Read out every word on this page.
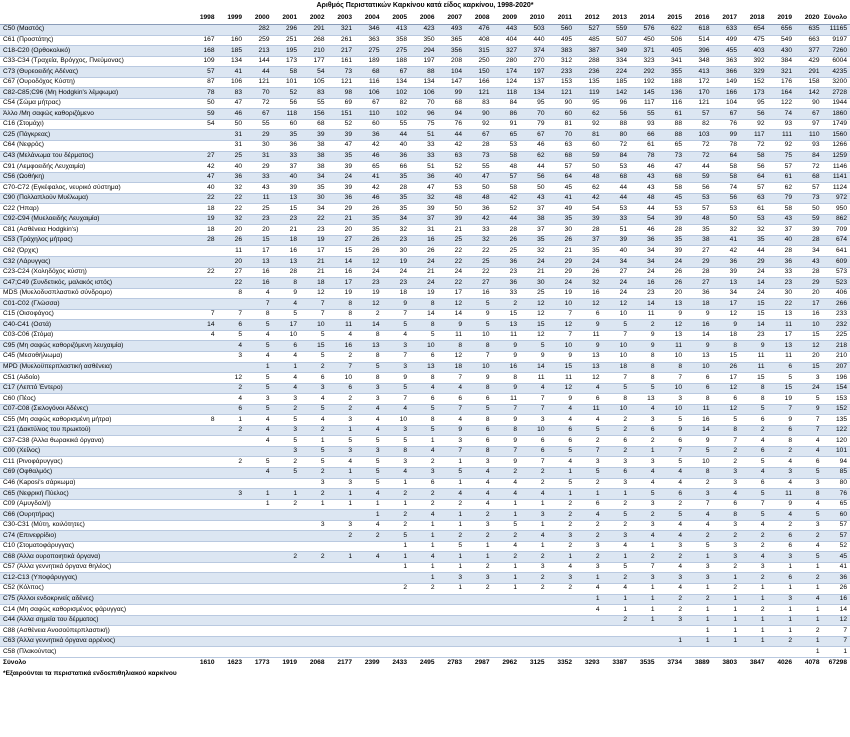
Αριθμός Περιστατικών Καρκίνου κατά είδος καρκίνου, 1998-2020*
	1998	1999	2000	2001	2002	2003	2004	2005	2006	2007	2008	2009	2010	2011	2012	2013	2014	2015	2016	2017	2018	2019	2020	Σύνολο
C50 (Μαστός)			282	296	291	321	346	413	423	493	476	443	503	560	527	559	576	622	618	633	654	656	635	11165
C61 (Προστάτης)	167	160	259	251	268	261	363	358	350	365	408	404	440	495	485	507	450	506	514	499	475	549	663	9197
C18-C20 (Ορθοκολικό)	168	185	213	195	210	217	275	275	294	356	315	327	374	383	387	349	371	405	396	455	403	430	377	7260
C33-C34 (Τραχεία, Βρόγχος, Πνεύμονας)	109	134	144	173	177	161	189	188	197	208	250	280	270	312	288	334	323	341	348	363	392	384	429	6004
C73 (Θυρεοειδής Αδένας)	57	41	44	58	54	73	68	67	88	104	150	174	197	233	236	224	292	355	413	366	329	321	291	4235
C67 (Ουροδόχος Κύστη)	87	106	121	101	105	121	116	134	134	147	166	124	137	153	135	185	192	188	172	149	152	176	158	3200
C82-C85;C96 (Μη Hodgkin's λέμφωμα)	78	83	70	52	83	98	106	102	106	99	121	118	134	121	119	142	145	136	170	166	173	164	142	2728
C54 (Σώμα μήτρας)	50	47	72	56	55	69	67	82	70	68	83	84	95	90	95	96	117	116	121	104	95	122	90	1944
Άλλο /Μη σαφώς καθοριζόμενο	59	46	67	118	156	151	110	102	96	94	90	86	70	60	62	56	55	61	57	67	56	74	67	1860
C16 (Στομάχι)	54	50	55	60	68	52	60	55	75	76	92	91	79	81	92	88	93	88	82	76	92	93	97	1749
C25 (Πάγκρεας)		31	29	35	39	39	36	44	51	44	67	65	67	70	81	80	66	88	103	99	117	111	110	1560
C64 (Νεφρός)		31	30	36	38	47	42	40	33	42	28	53	46	63	60	72	61	65	72	78	72	92	93	1266
C43 (Μελάνωμα του δέρματος)	27	25	31	33	38	35	46	36	33	63	73	58	62	68	59	84	78	73	72	64	58	75	84	1259
C91 (Λεμφοειδής Λευχαιμία)	42	40	29	37	38	39	65	66	51	52	55	48	44	57	50	53	46	47	44	58	56	57	72	1146
C56 (Ωοθήκη)	47	36	33	40	34	24	41	35	36	40	47	57	56	64	48	68	43	68	59	58	64	61	68	1141
C70-C72 (Εγκέφαλος, νευρικό σύστημα)	40	32	43	39	35	39	42	28	47	53	50	58	50	45	62	44	43	58	56	74	57	62	57	1124
C90 (Πολλαπλούν Μυέλωμα)	22	22	11	13	30	36	46	35	32	48	48	42	43	41	42	44	48	45	53	56	63	79	73	972
C22 (Ήπαρ)	18	22	25	15	34	29	26	35	39	50	36	52	37	49	54	53	44	53	57	53	61	58	50	950
C92-C94 (Μυελοειδής Λευχαιμία)	19	32	23	23	22	21	35	34	37	39	42	44	38	35	39	33	54	39	48	50	53	43	59	862
C81 (Ασθένεια Hodgkin's)	18	20	20	21	23	20	35	32	31	21	33	28	37	30	28	51	46	28	35	32	32	37	39	709
C53 (Τράχηλος μήτρας)	28	26	15	18	19	27	26	23	16	25	32	26	35	26	37	39	36	35	38	41	35	40	28	674
C62 (Όρχις)		11	17	16	17	15	26	30	26	22	22	25	32	21	35	40	34	39	27	42	44	28	34	641
C32 (Λάρυγγας)		20	13	13	21	14	12	19	24	22	25	36	24	29	24	34	34	24	29	36	29	36	43	609
C23-C24 (Χοληδόχος κύστη)	22	27	16	28	21	16	24	24	21	24	22	23	21	29	26	27	24	26	28	39	24	33	28	573
C47;C49 (Συνδετικός, μαλακός ιστός)		22	16	8	18	17	23	23	24	22	27	36	30	24	32	24	16	26	27	13	14	23	29	523
MDS (Μυελοδυσπλαστικό σύνδρομο)		8	4	9	12	19	19	18	19	17	16	33	25	19	16	24	23	20	36	34	24	30	20	406
C01-C02 (Γλώσσα)			7	4	7	8	12	9	8	12	5	2	12	10	12	12	14	13	18	17	15	22	17	266
C15 (Οισοφάγος)	7	7	8	5	7	8	2	7	14	14	9	15	12	7	6	10	11	9	9	12	15	13	16	233
C40-C41 (Οστά)	14	6	5	17	10	11	14	5	8	9	5	13	15	12	9	5	2	12	16	9	14	11	10	232
C03-C06 (Στόμα)	4	5	4	10	5	4	8	4	5	11	10	11	12	7	11	7	9	13	14	18	23	17	15	225
C95 (Μη σαφώς καθοριζόμενη λευχαιμία)		4	5	6	15	16	13	3	10	8	8	9	5	10	9	10	9	11	9	8	9	13	12	218
C45 (Μεσοθήλιωμα)		3	4	4	5	2	8	7	6	12	7	9	9	9	13	10	8	10	13	15	11	11	20	210
MPD (Μυελοϋπερπλαστική ασθένεια)			1	1	2	7	5	3	13	18	10	16	14	15	13	18	8	8	10	26	11	6	15	207
C51 (Αιδοίο)		12	5	4	6	10	8	9	8	7	9	8	11	11	12	7	8	7	6	17	15	5	3	196
C17 (Λεπτό Έντερο)		2	5	4	3	6	3	5	4	4	8	9	4	12	4	5	5	10	6	12	8	15	24	154
C60 (Πέος)		4	3	3	4	2	3	7	6	6	6	11	7	9	6	8	13	3	8	6	8	19	5	153
C07-C08 (Σιελογόνοι Αδένες)		6	5	2	5	2	4	4	5	7	5	7	7	4	11	10	4	10	11	12	5	7	9	152
C55 (Μη σαφώς καθορισμένη μήτρα)	8	1	4	5	4	3	4	10	8	4	8	9	3	4	4	2	3	5	16	5	6	9	7	135
C21 (Δακτύλιος του πρωκτού)		2	4	3	2	1	4	3	5	9	6	8	10	6	5	2	6	9	14	8	2	6	7	122
C37-C38 (Άλλα θωρακικά όργανα)			4	5	1	5	5	5	1	3	6	9	6	6	2	6	2	6	9	7	4	8	4	120
C00 (Χείλος)				3	5	3	3	8	4	7	8	7	6	5	7	2	1	7	5	2	6	2	4	101
C11 (Ρινοφάρυγγας)		2	5	2	5	4	5	3	2	1	3	9	7	4	3	3	3	5	10	2	5	4	6	94
C69 (Οφθαλμός)			4	5	2	1	5	4	3	5	4	2	2	1	5	6	4	4	8	3	4	3	5	85
C46 (Kaposi's σάρκωμα)					3	3	5	1	6	1	4	4	2	5	2	3	4	4	2	3	6	4	3	80
C65 (Νεφρική Πύελος)		3	1	1	2	1	4	2	2	4	4	4	4	1	1	1	5	6	3	4	5	11	8	76
C09 (Αμυγδαλή)			1	2	1	1	1	1	2	2	4	1	1	2	6	2	3	2	7	6	7	9	4	65
C66 (Ουρητήρας)							1	2	4	1	2	1	3	2	4	5	2	5	4	8	5	4	5	60
C30-C31 (Μύτη, κοιλότητες)					3	3	4	2	1	1	3	5	1	2	2	2	3	4	4	3	4	2	3	57
C74 (Επινεφρίδιο)						2	2	5	1	2	2	2	4	3	2	3	4	4	2	2	2	6	2	57
C10 (Στοματοφάρυγγας)								1	1	5	1	4	1	2	3	4	1	3	5	3	2	6	4	52
C68 (Άλλα ουροποιητικά όργανα)				2	2	1	4	1	4	1	1	2	2	1	2	1	2	2	1	3	4	3	5	45
C57 (Άλλα γεννητικά όργανα θηλέος)								1	1	1	2	1	3	4	3	5	7	4	3	2	3	1	1	41
C12-C13 (Υποφάρυγγας)									1	3	3	1	2	3	1	2	3	3	3	1	2	6	2	36
C52 (Κόλπος)								2	2	1	2	1	2	2	4	4	1	4	1	2	1	1	1	26
C75 (Άλλοι ενδοκρινείς αδένες)															1	1	1	2	2	1	1	3	4	16
C14 (Μη σαφώς καθορισμένος φάρυγγας)															4	1	1	2	1	1	2	1	1	14
C44 (Άλλα σημεία του δέρματος)																2	1	3	1	1	1	1	1	12
C88 (Ασθένεια Ανοσοϋπερπλαστική)																			1	1	1	1	2	7
C63 (Άλλα γεννητικά όργανα αρρένος)																		1	1	1	1	2	1	7
C58 (Πλακούντας)																							1	1
Σύνολο	1610	1623	1773	1919	2068	2177	2399	2433	2495	2783	2987	2962	3125	3352	3293	3387	3535	3734	3889	3803	3847	4026	4078	67298
*Εξαιρούνται τα περιστατικά ενδοεπιθηλιακού καρκίνου
